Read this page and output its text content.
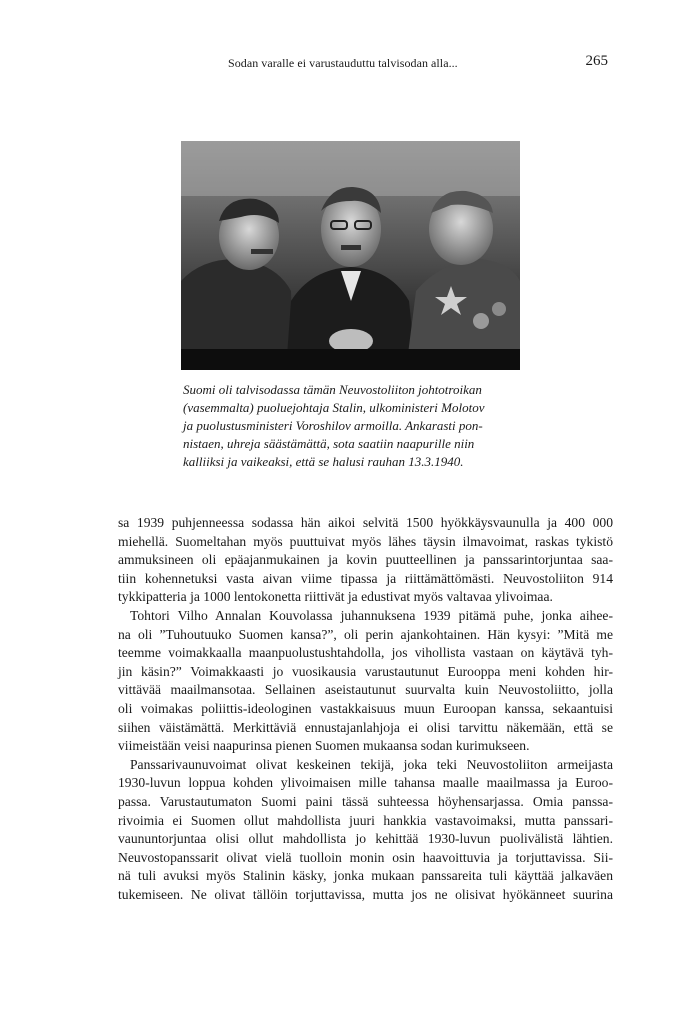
Sodan varalle ei varustauduttu talvisodan alla...	265
Suomi oli talvisodassa tämän Neuvostoliiton johtotroikan
(vasemmalta) puoluejohtaja Stalin, ulkoministeri Molotov
ja puolustusministeri Voroshilov armoilla. Ankarasti pon-
nistaen, uhreja säästämättä, sota saatiin naapurille niin
kalliiksi ja vaikeaksi, että se halusi rauhan 13.3.1940.
sa 1939 puhjenneessa sodassa hän aikoi selvitä 1500 hyökkäysvaunulla ja 400 000
miehellä. Suomeltahan myös puuttuivat myös lähes täysin ilmavoimat, raskas tykistö
ammuksineen oli epäajanmukainen ja kovin puutteellinen ja panssarintorjuntaa saa-
tiin kohennetuksi vasta aivan viime tipassa ja riittämättömästi. Neuvostoliiton 914
tykkipatteria ja 1000 lentokonetta riittivät ja edustivat myös valtavaa ylivoimaa.
Tohtori Vilho Annalan Kouvolassa juhannuksena 1939 pitämä puhe, jonka aihee-
na oli ”Tuhoutuuko Suomen kansa?”, oli perin ajankohtainen. Hän kysyi: ”Mitä me
teemme voimakkaalla maanpuolustushtahdolla, jos vihollista vastaan on käytävä tyh-
jin käsin?” Voimakkaasti jo vuosikausia varustautunut Eurooppa meni kohden hir-
vittävää maailmansotaa. Sellainen aseistautunut suurvalta kuin Neuvostoliitto, jolla
oli voimakas poliittis-ideologinen vastakkaisuus muun Euroopan kanssa, sekaantuisi
siihen väistämättä. Merkittäviä ennustajanlahjoja ei olisi tarvittu näkemään, että se
viimeistään veisi naapurinsa pienen Suomen mukaansa sodan kurimukseen.
Panssarivaunuvoimat olivat keskeinen tekijä, joka teki Neuvostoliiton armeijasta
1930-luvun loppua kohden ylivoimaisen mille tahansa maalle maailmassa ja Euroo-
passa. Varustautumaton Suomi paini tässä suhteessa höyhensarjassa. Omia panssa-
rivoimia ei Suomen ollut mahdollista juuri hankkia vastavoimaksi, mutta panssari-
vaununtorjuntaa olisi ollut mahdollista jo kehittää 1930-luvun puolivälistä lähtien.
Neuvostopanssarit olivat vielä tuolloin monin osin haavoittuvia ja torjuttavissa. Sii-
nä tuli avuksi myös Stalinin käsky, jonka mukaan panssareita tuli käyttää jalkaväen
tukemiseen. Ne olivat tällöin torjuttavissa, mutta jos ne olisivat hyökänneet suurina
